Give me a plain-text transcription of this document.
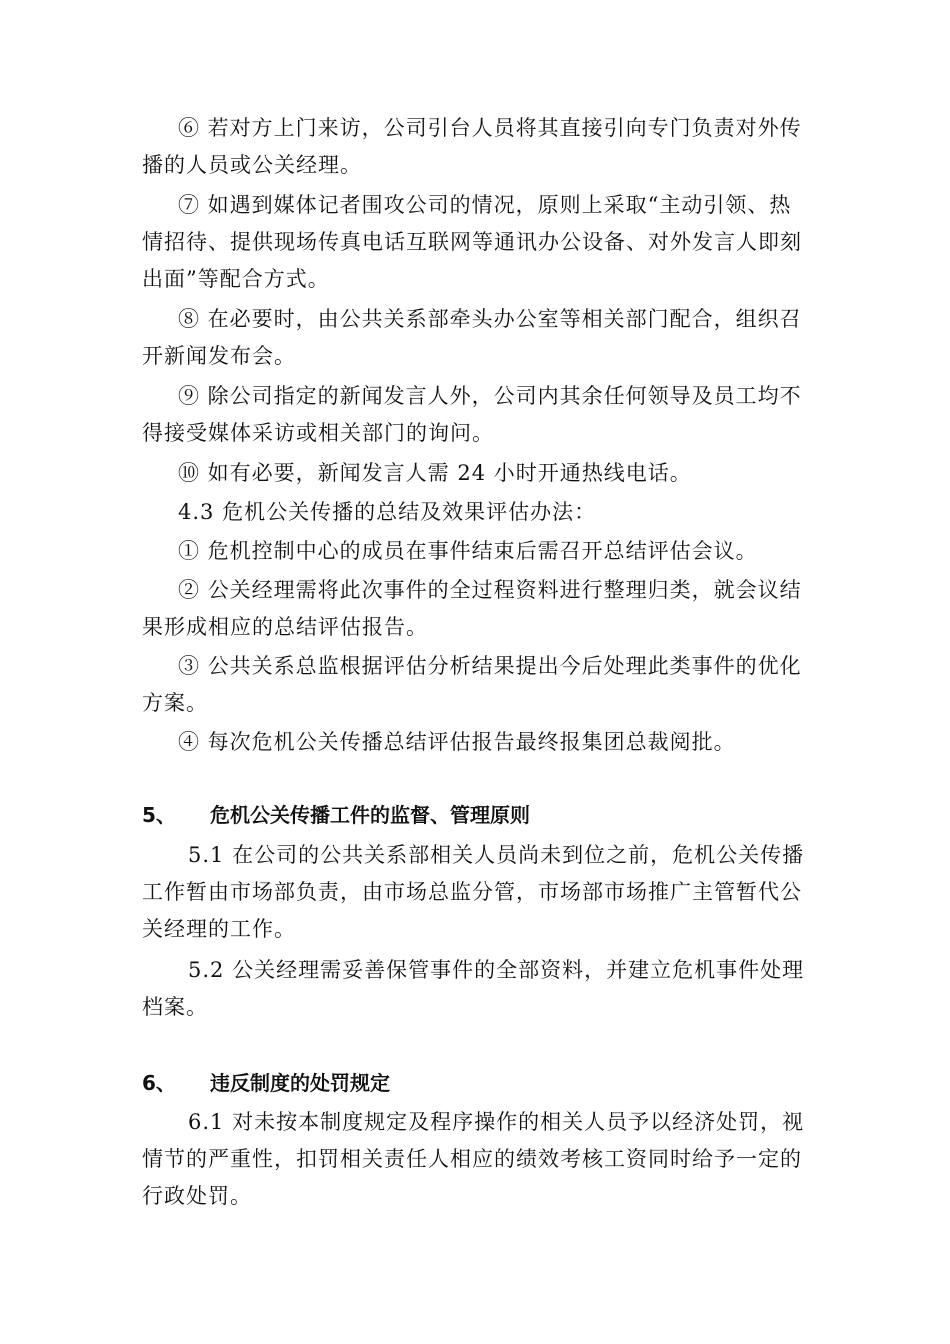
⑥ 若对方上门来访，公司引台人员将其直接引向专门负责对外传播的人员或公关经理。

⑦ 如遇到媒体记者围攻公司的情况，原则上采取“主动引领、热情招待、提供现场传真电话互联网等通讯办公设备、对外发言人即刻出面”等配合方式。

⑧ 在必要时，由公共关系部牵头办公室等相关部门配合，组织召开新闻发布会。

⑨ 除公司指定的新闻发言人外，公司内其余任何领导及员工均不得接受媒体采访或相关部门的询问。

⑩ 如有必要，新闻发言人需 24 小时开通热线电话。

4.3 危机公关传播的总结及效果评估办法：

① 危机控制中心的成员在事件结束后需召开总结评估会议。

② 公关经理需将此次事件的全过程资料进行整理归类，就会议结果形成相应的总结评估报告。

③ 公共关系总监根据评估分析结果提出今后处理此类事件的优化方案。

④ 每次危机公关传播总结评估报告最终报集团总裁阅批。

5、 危机公关传播工件的监督、管理原则

5.1 在公司的公共关系部相关人员尚未到位之前，危机公关传播工作暂由市场部负责，由市场总监分管，市场部市场推广主管暂代公关经理的工作。

5.2 公关经理需妥善保管事件的全部资料，并建立危机事件处理档案。

6、 违反制度的处罚规定

6.1 对未按本制度规定及程序操作的相关人员予以经济处罚，视情节的严重性，扣罚相关责任人相应的绩效考核工资同时给予一定的行政处罚。
